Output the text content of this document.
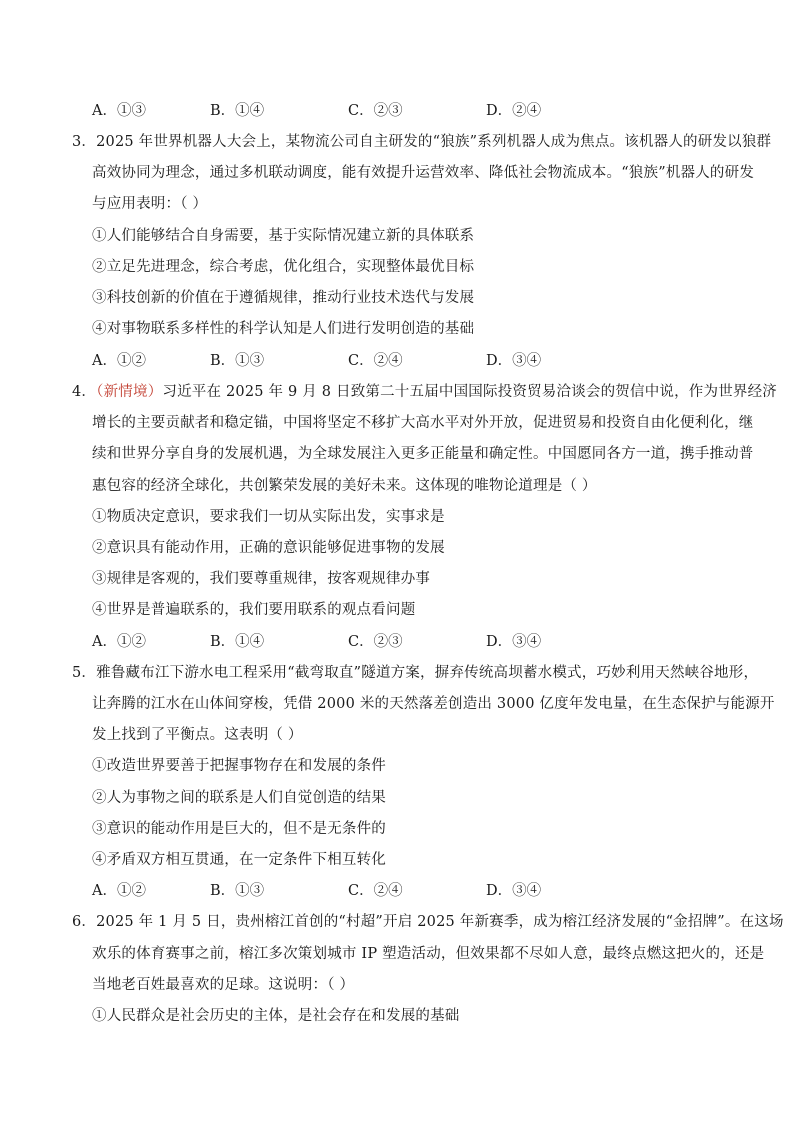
A．①③	B．①④	C．②③	D．②④
3．2025 年世界机器人大会上，某物流公司自主研发的“狼族”系列机器人成为焦点。该机器人的研发以狼群
高效协同为理念，通过多机联动调度，能有效提升运营效率、降低社会物流成本。“狼族”机器人的研发
与应用表明：（ ）
①人们能够结合自身需要，基于实际情况建立新的具体联系
②立足先进理念，综合考虑，优化组合，实现整体最优目标
③科技创新的价值在于遵循规律，推动行业技术迭代与发展
④对事物联系多样性的科学认知是人们进行发明创造的基础
A．①②	B．①③	C．②④	D．③④
4．（新情境）习近平在 2025 年 9 月 8 日致第二十五届中国国际投资贸易洽谈会的贺信中说，作为世界经济
增长的主要贡献者和稳定锚，中国将坚定不移扩大高水平对外开放，促进贸易和投资自由化便利化，继
续和世界分享自身的发展机遇，为全球发展注入更多正能量和确定性。中国愿同各方一道，携手推动普
惠包容的经济全球化，共创繁荣发展的美好未来。这体现的唯物论道理是（ ）
①物质决定意识，要求我们一切从实际出发，实事求是
②意识具有能动作用，正确的意识能够促进事物的发展
③规律是客观的，我们要尊重规律，按客观规律办事
④世界是普遍联系的，我们要用联系的观点看问题
A．①②	B．①④	C．②③	D．③④
5．雅鲁藏布江下游水电工程采用“截弯取直”隧道方案，摒弃传统高坝蓄水模式，巧妙利用天然峡谷地形，
让奔腾的江水在山体间穿梭，凭借 2000 米的天然落差创造出 3000 亿度年发电量，在生态保护与能源开
发上找到了平衡点。这表明（ ）
①改造世界要善于把握事物存在和发展的条件
②人为事物之间的联系是人们自觉创造的结果
③意识的能动作用是巨大的，但不是无条件的
④矛盾双方相互贯通，在一定条件下相互转化
A．①②	B．①③	C．②④	D．③④
6．2025 年 1 月 5 日，贵州榕江首创的“村超”开启 2025 年新赛季，成为榕江经济发展的“金招牌”。在这场
欢乐的体育赛事之前，榕江多次策划城市 IP 塑造活动，但效果都不尽如人意，最终点燃这把火的，还是
当地老百姓最喜欢的足球。这说明：（ ）
①人民群众是社会历史的主体，是社会存在和发展的基础
